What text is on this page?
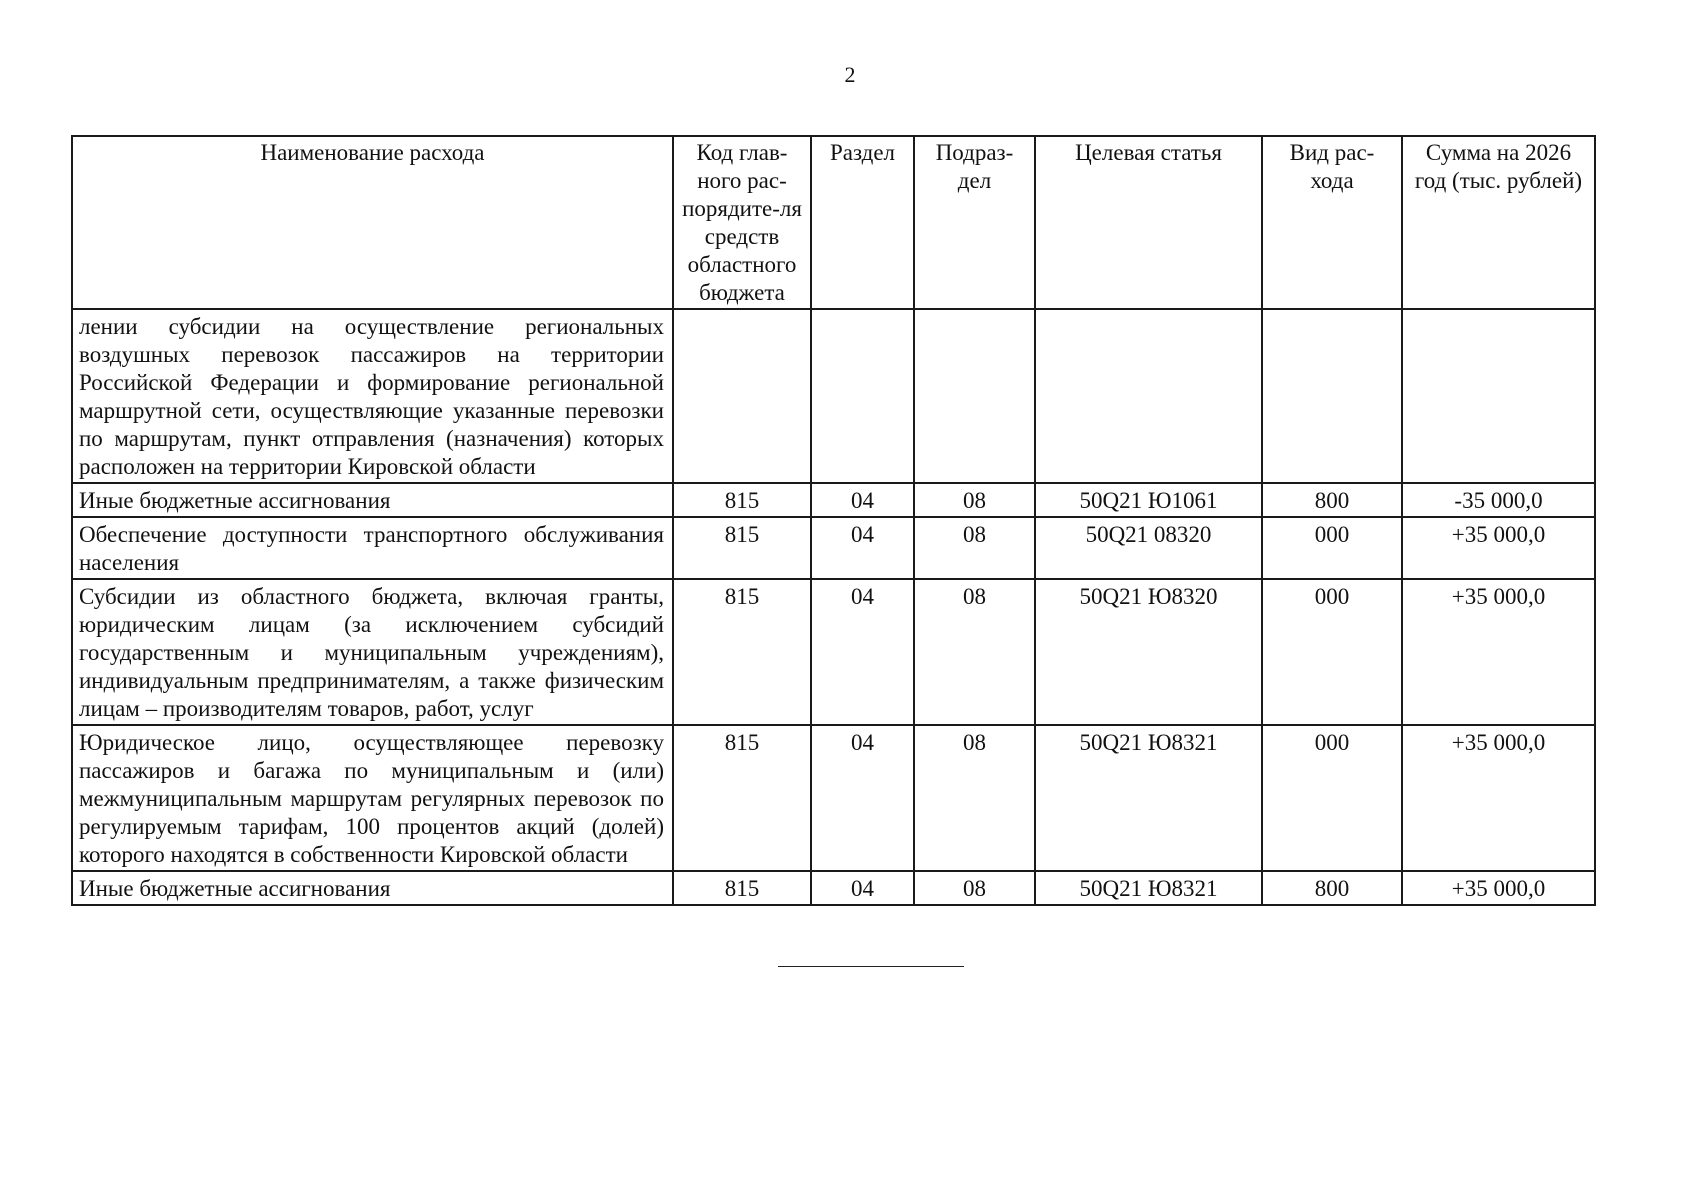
2
Наименование расхода	Код глав-ного рас-порядите-ля средств областного бюджета	Раздел	Подраз-дел	Целевая статья	Вид рас-хода	Сумма на 2026 год (тыс. рублей)
лении субсидии на осуществление региональных воздушных перевозок пассажиров на территории Российской Федерации и формирование региональной маршрутной сети, осуществляющие указанные перевозки по маршрутам, пункт отправления (назначения) которых расположен на территории Кировской области						
Иные бюджетные ассигнования	815	04	08	50Q21 Ю1061	800	-35 000,0
Обеспечение доступности транспортного обслуживания населения	815	04	08	50Q21 08320	000	+35 000,0
Субсидии из областного бюджета, включая гранты, юридическим лицам (за исключением субсидий государственным и муниципальным учреждениям), индивидуальным предпринимателям, а также физическим лицам – производителям товаров, работ, услуг	815	04	08	50Q21 Ю8320	000	+35 000,0
Юридическое лицо, осуществляющее перевозку пассажиров и багажа по муниципальным и (или) межмуниципальным маршрутам регулярных перевозок по регулируемым тарифам, 100 процентов акций (долей) которого находятся в собственности Кировской области	815	04	08	50Q21 Ю8321	000	+35 000,0
Иные бюджетные ассигнования	815	04	08	50Q21 Ю8321	800	+35 000,0
